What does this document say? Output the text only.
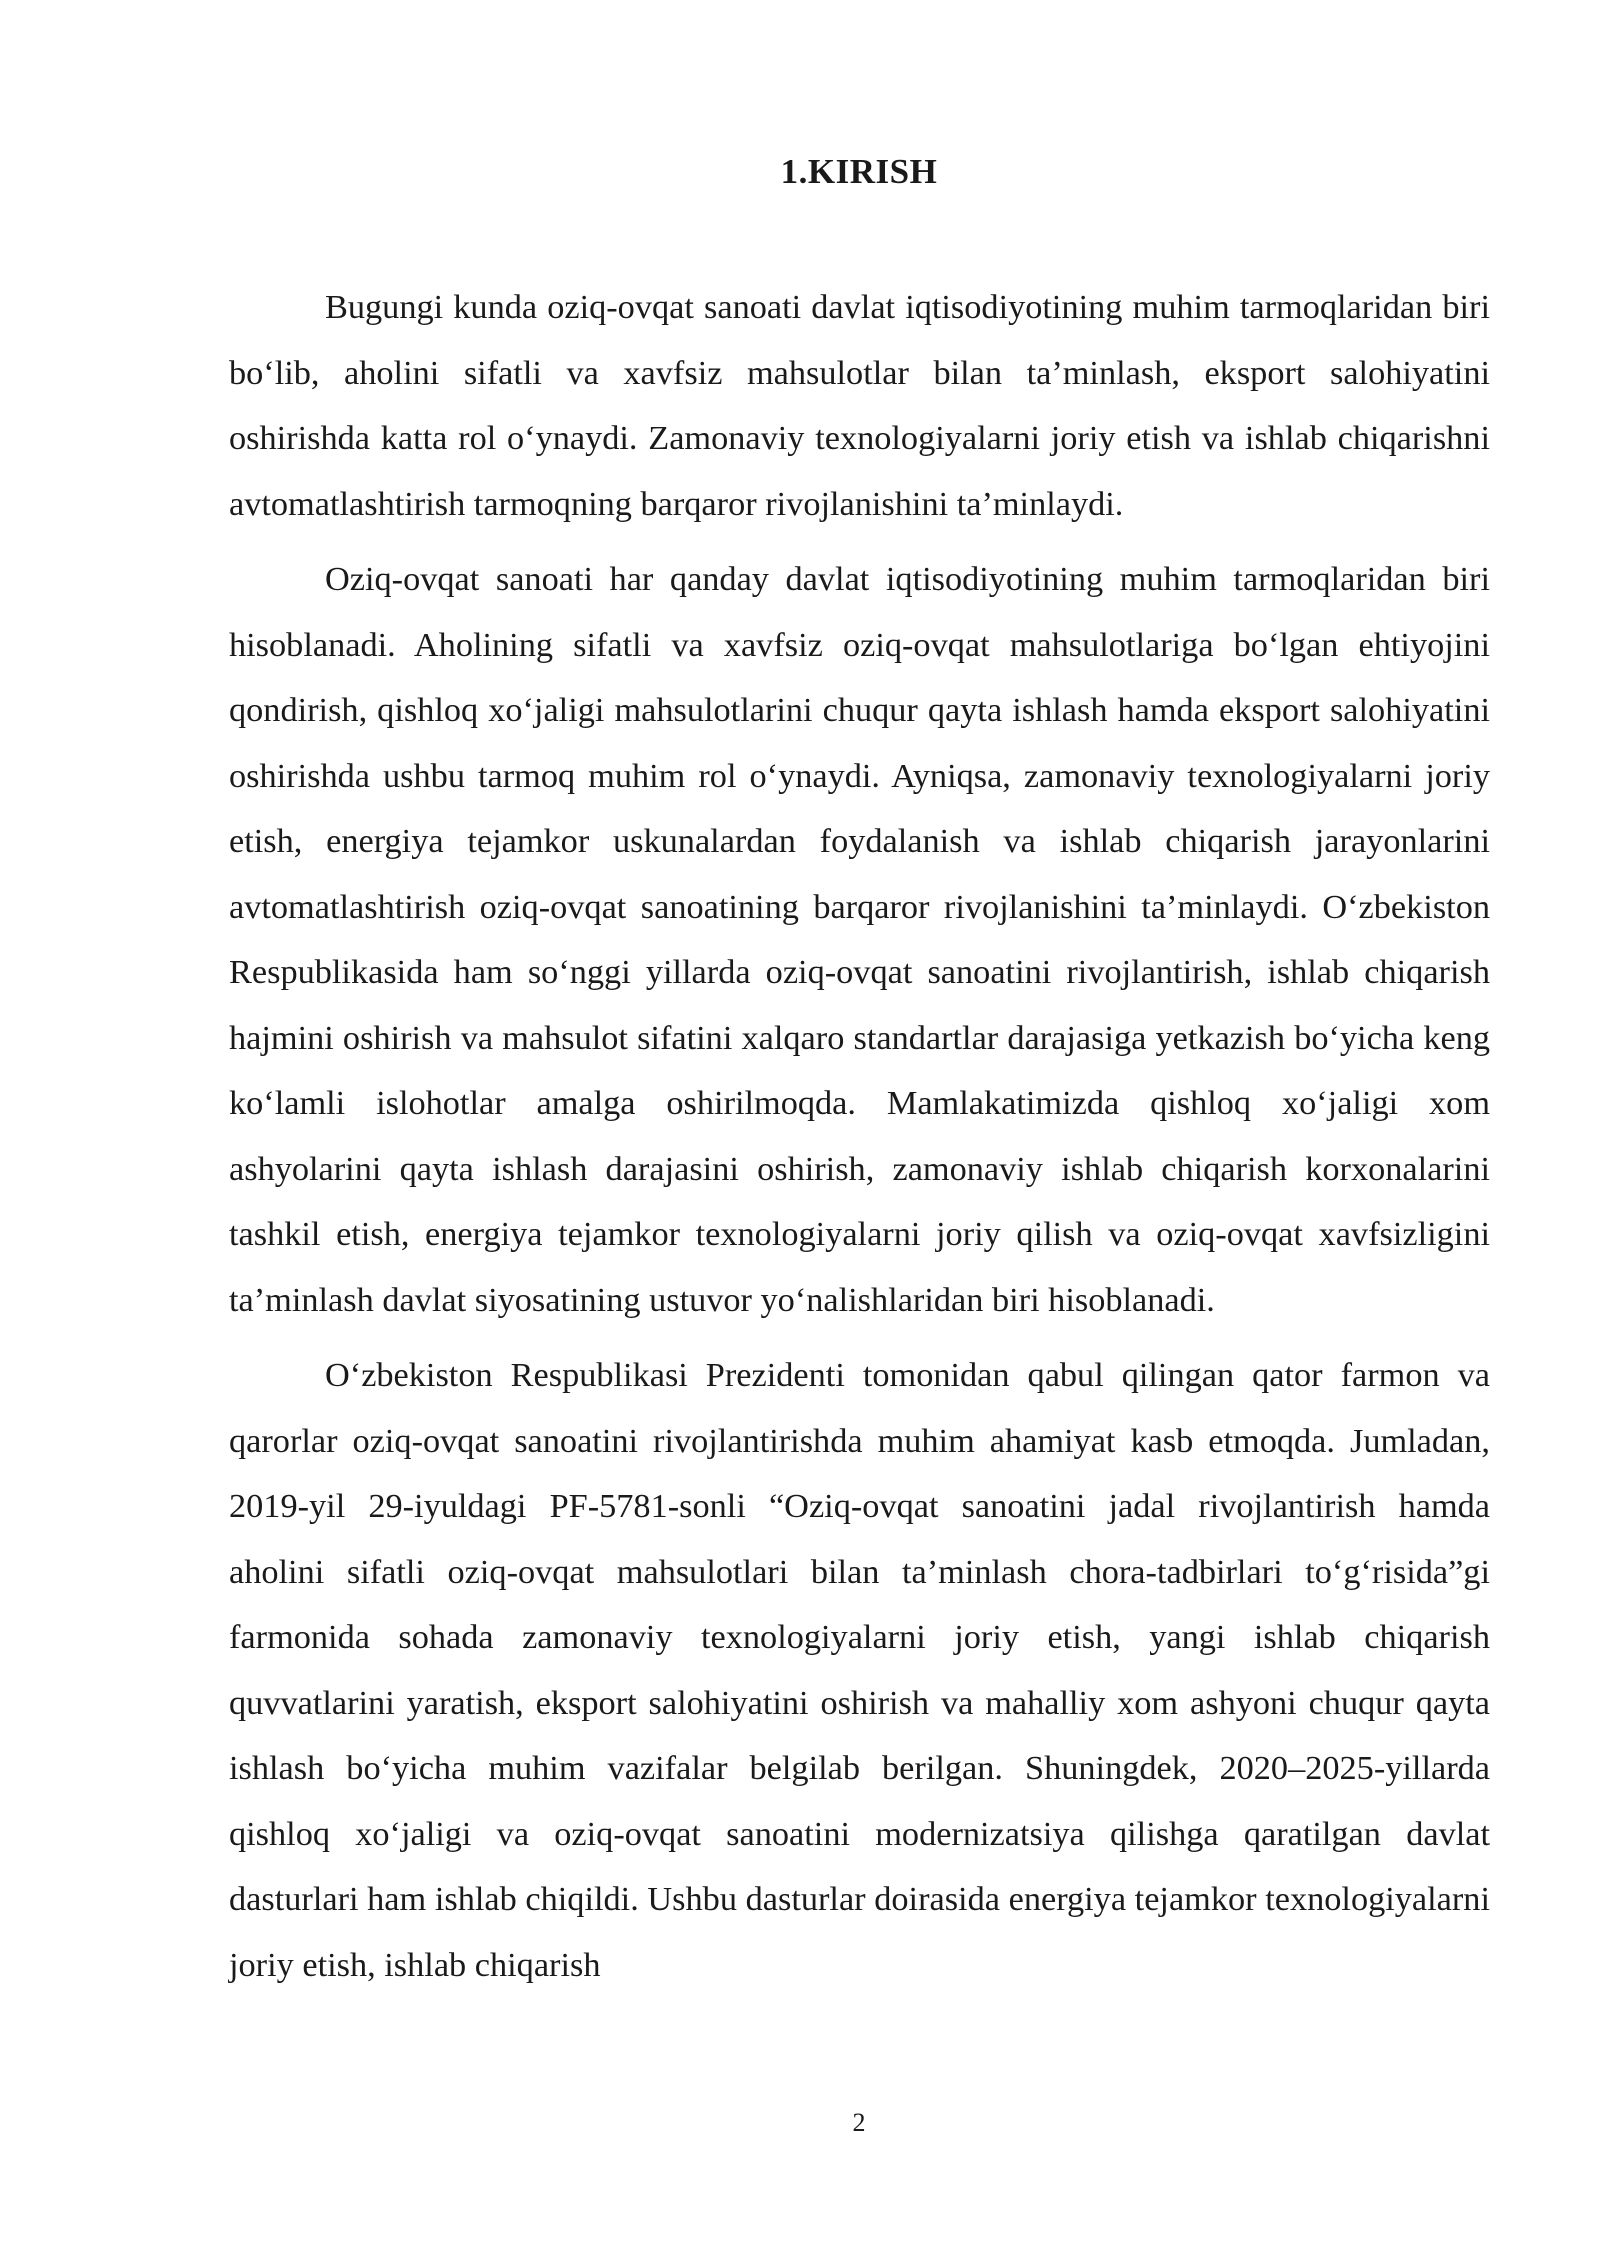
1.KIRISH

Bugungi kunda oziq-ovqat sanoati davlat iqtisodiyotining muhim tarmoqlaridan biri bo‘lib, aholini sifatli va xavfsiz mahsulotlar bilan ta’minlash, eksport salohiyatini oshirishda katta rol o‘ynaydi. Zamonaviy texnologiyalarni joriy etish va ishlab chiqarishni avtomatlashtirish tarmoqning barqaror rivojlanishini ta’minlaydi.

Oziq-ovqat sanoati har qanday davlat iqtisodiyotining muhim tarmoqlaridan biri hisoblanadi. Aholining sifatli va xavfsiz oziq-ovqat mahsulotlariga bo‘lgan ehtiyojini qondirish, qishloq xo‘jaligi mahsulotlarini chuqur qayta ishlash hamda eksport salohiyatini oshirishda ushbu tarmoq muhim rol o‘ynaydi. Ayniqsa, zamonaviy texnologiyalarni joriy etish, energiya tejamkor uskunalardan foydalanish va ishlab chiqarish jarayonlarini avtomatlashtirish oziq-ovqat sanoatining barqaror rivojlanishini ta’minlaydi. O‘zbekiston Respublikasida ham so‘nggi yillarda oziq-ovqat sanoatini rivojlantirish, ishlab chiqarish hajmini oshirish va mahsulot sifatini xalqaro standartlar darajasiga yetkazish bo‘yicha keng ko‘lamli islohotlar amalga oshirilmoqda. Mamlakatimizda qishloq xo‘jaligi xom ashyolarini qayta ishlash darajasini oshirish, zamonaviy ishlab chiqarish korxonalarini tashkil etish, energiya tejamkor texnologiyalarni joriy qilish va oziq-ovqat xavfsizligini ta’minlash davlat siyosatining ustuvor yo‘nalishlaridan biri hisoblanadi.

O‘zbekiston Respublikasi Prezidenti tomonidan qabul qilingan qator farmon va qarorlar oziq-ovqat sanoatini rivojlantirishda muhim ahamiyat kasb etmoqda. Jumladan, 2019-yil 29-iyuldagi PF-5781-sonli “Oziq-ovqat sanoatini jadal rivojlantirish hamda aholini sifatli oziq-ovqat mahsulotlari bilan ta’minlash chora-tadbirlari to‘g‘risida”gi farmonida sohada zamonaviy texnologiyalarni joriy etish, yangi ishlab chiqarish quvvatlarini yaratish, eksport salohiyatini oshirish va mahalliy xom ashyoni chuqur qayta ishlash bo‘yicha muhim vazifalar belgilab berilgan. Shuningdek, 2020–2025-yillarda qishloq xo‘jaligi va oziq-ovqat sanoatini modernizatsiya qilishga qaratilgan davlat dasturlari ham ishlab chiqildi. Ushbu dasturlar doirasida energiya tejamkor texnologiyalarni joriy etish, ishlab chiqarish

2
